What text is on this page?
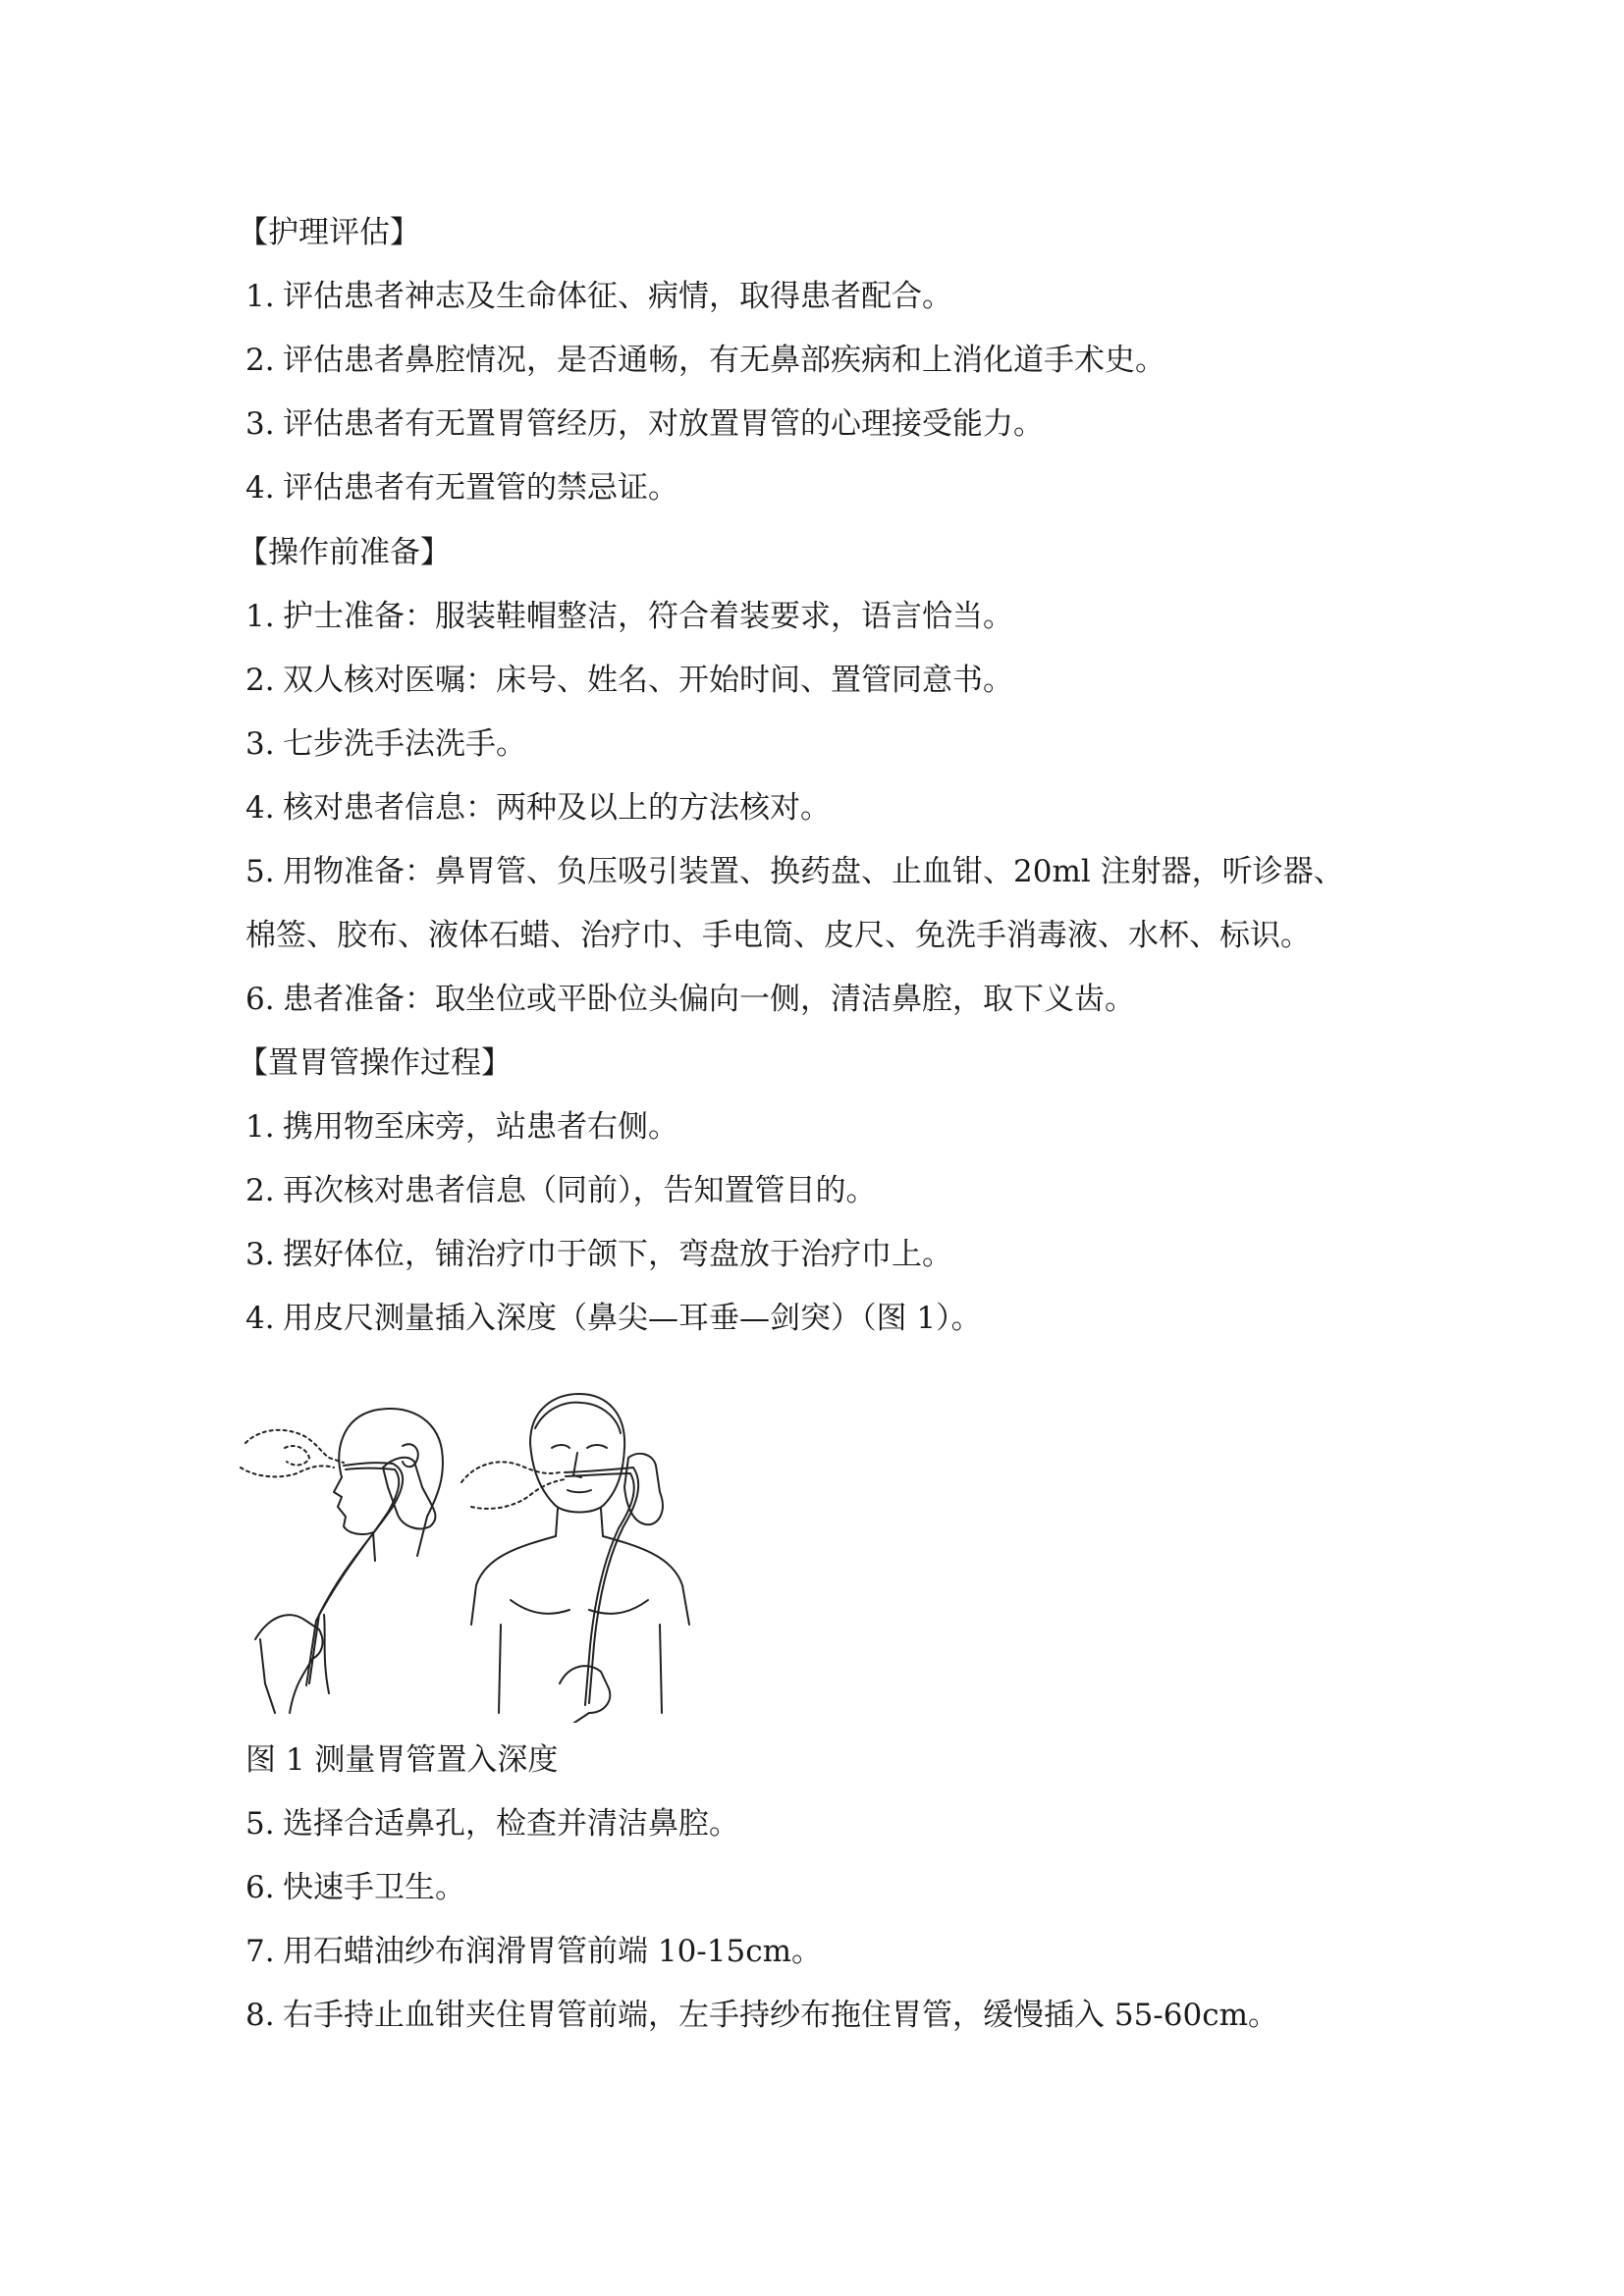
【护理评估】
1. 评估患者神志及生命体征、病情，取得患者配合。
2. 评估患者鼻腔情况，是否通畅，有无鼻部疾病和上消化道手术史。
3. 评估患者有无置胃管经历，对放置胃管的心理接受能力。
4. 评估患者有无置管的禁忌证。
【操作前准备】
1. 护士准备：服装鞋帽整洁，符合着装要求，语言恰当。
2. 双人核对医嘱：床号、姓名、开始时间、置管同意书。
3. 七步洗手法洗手。
4. 核对患者信息：两种及以上的方法核对。
5. 用物准备：鼻胃管、负压吸引装置、换药盘、止血钳、20ml 注射器，听诊器、
棉签、胶布、液体石蜡、治疗巾、手电筒、皮尺、免洗手消毒液、水杯、标识。
6. 患者准备：取坐位或平卧位头偏向一侧，清洁鼻腔，取下义齿。
【置胃管操作过程】
1. 携用物至床旁，站患者右侧。
2. 再次核对患者信息（同前），告知置管目的。
3. 摆好体位，铺治疗巾于颌下，弯盘放于治疗巾上。
4. 用皮尺测量插入深度（鼻尖—耳垂—剑突）（图 1）。
图 1 测量胃管置入深度
5. 选择合适鼻孔，检查并清洁鼻腔。
6. 快速手卫生。
7. 用石蜡油纱布润滑胃管前端 10-15cm。
8. 右手持止血钳夹住胃管前端，左手持纱布拖住胃管，缓慢插入 55-60cm。
